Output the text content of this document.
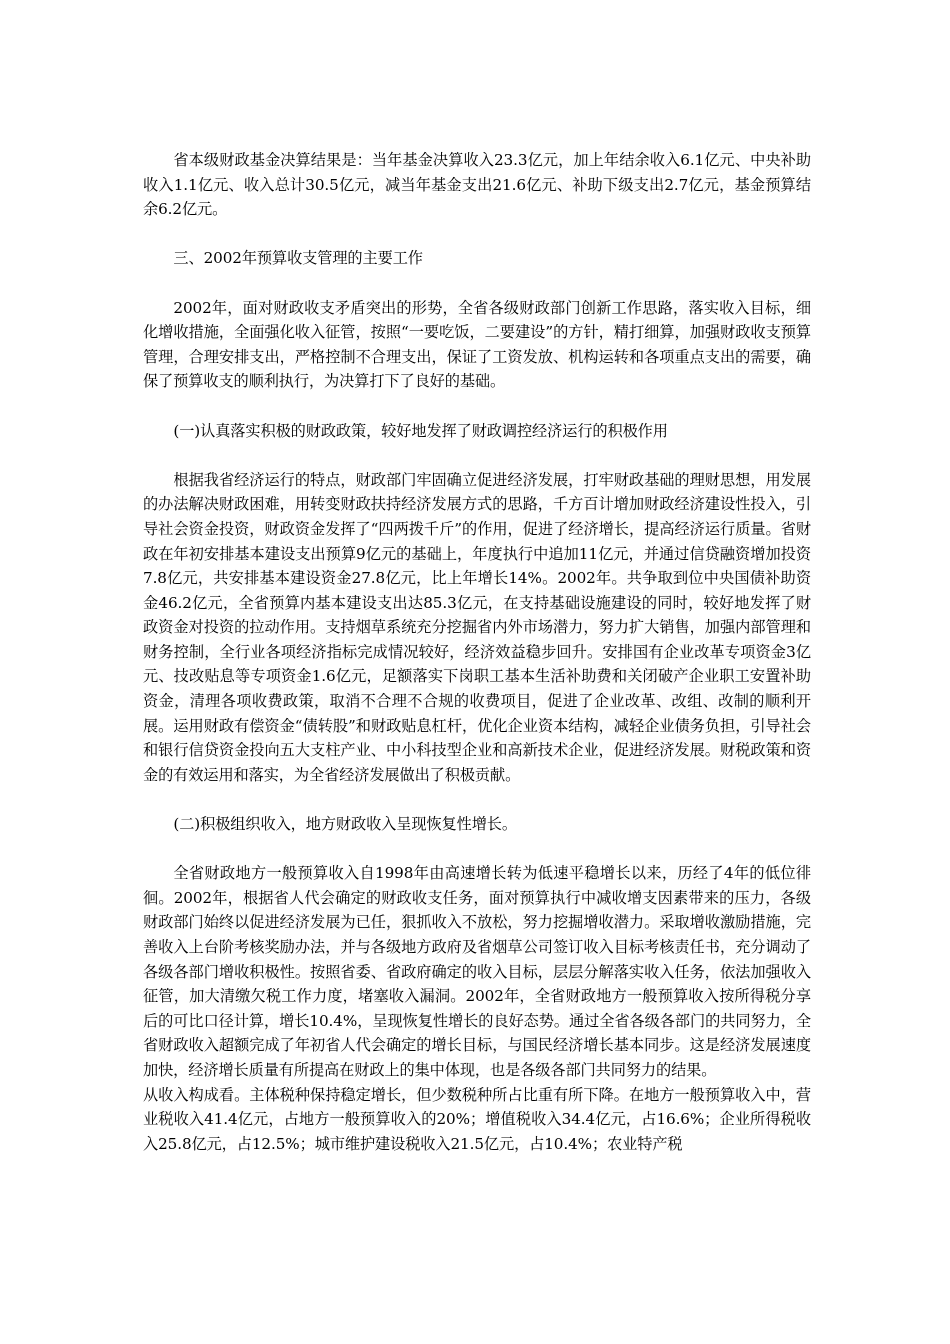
省本级财政基金决算结果是：当年基金决算收入23.3亿元，加上年结余收入6.1亿元、中央补助收入1.1亿元、收入总计30.5亿元，减当年基金支出21.6亿元、补助下级支出2.7亿元，基金预算结余6.2亿元。

三、2002年预算收支管理的主要工作

2002年，面对财政收支矛盾突出的形势，全省各级财政部门创新工作思路，落实收入目标，细化增收措施，全面强化收入征管，按照“一要吃饭，二要建设”的方针，精打细算，加强财政收支预算管理，合理安排支出，严格控制不合理支出，保证了工资发放、机构运转和各项重点支出的需要，确保了预算收支的顺利执行，为决算打下了良好的基础。

(一)认真落实积极的财政政策，较好地发挥了财政调控经济运行的积极作用

根据我省经济运行的特点，财政部门牢固确立促进经济发展，打牢财政基础的理财思想，用发展的办法解决财政困难，用转变财政扶持经济发展方式的思路，千方百计增加财政经济建设性投入，引导社会资金投资，财政资金发挥了“四两拨千斤”的作用，促进了经济增长，提高经济运行质量。省财政在年初安排基本建设支出预算9亿元的基础上，年度执行中追加11亿元，并通过信贷融资增加投资7.8亿元，共安排基本建设资金27.8亿元，比上年增长14%。2002年。共争取到位中央国债补助资金46.2亿元，全省预算内基本建设支出达85.3亿元，在支持基础设施建设的同时，较好地发挥了财政资金对投资的拉动作用。支持烟草系统充分挖掘省内外市场潜力，努力扩大销售，加强内部管理和财务控制，全行业各项经济指标完成情况较好，经济效益稳步回升。安排国有企业改革专项资金3亿元、技改贴息等专项资金1.6亿元，足额落实下岗职工基本生活补助费和关闭破产企业职工安置补助资金，清理各项收费政策，取消不合理不合规的收费项目，促进了企业改革、改组、改制的顺利开展。运用财政有偿资金“债转股”和财政贴息杠杆，优化企业资本结构，减轻企业债务负担，引导社会和银行信贷资金投向五大支柱产业、中小科技型企业和高新技术企业，促进经济发展。财税政策和资金的有效运用和落实，为全省经济发展做出了积极贡献。

(二)积极组织收入，地方财政收入呈现恢复性增长。

全省财政地方一般预算收入自1998年由高速增长转为低速平稳增长以来，历经了4年的低位徘徊。2002年，根据省人代会确定的财政收支任务，面对预算执行中减收增支因素带来的压力，各级财政部门始终以促进经济发展为已任，狠抓收入不放松，努力挖掘增收潜力。采取增收激励措施，完善收入上台阶考核奖励办法，并与各级地方政府及省烟草公司签订收入目标考核责任书，充分调动了各级各部门增收积极性。按照省委、省政府确定的收入目标，层层分解落实收入任务，依法加强收入征管，加大清缴欠税工作力度，堵塞收入漏洞。2002年，全省财政地方一般预算收入按所得税分享后的可比口径计算，增长10.4%，呈现恢复性增长的良好态势。通过全省各级各部门的共同努力，全省财政收入超额完成了年初省人代会确定的增长目标，与国民经济增长基本同步。这是经济发展速度加快，经济增长质量有所提高在财政上的集中体现，也是各级各部门共同努力的结果。

从收入构成看。主体税种保持稳定增长，但少数税种所占比重有所下降。在地方一般预算收入中，营业税收入41.4亿元，占地方一般预算收入的20%；增值税收入34.4亿元，占16.6%；企业所得税收入25.8亿元，占12.5%；城市维护建设税收入21.5亿元，占10.4%；农业特产税
